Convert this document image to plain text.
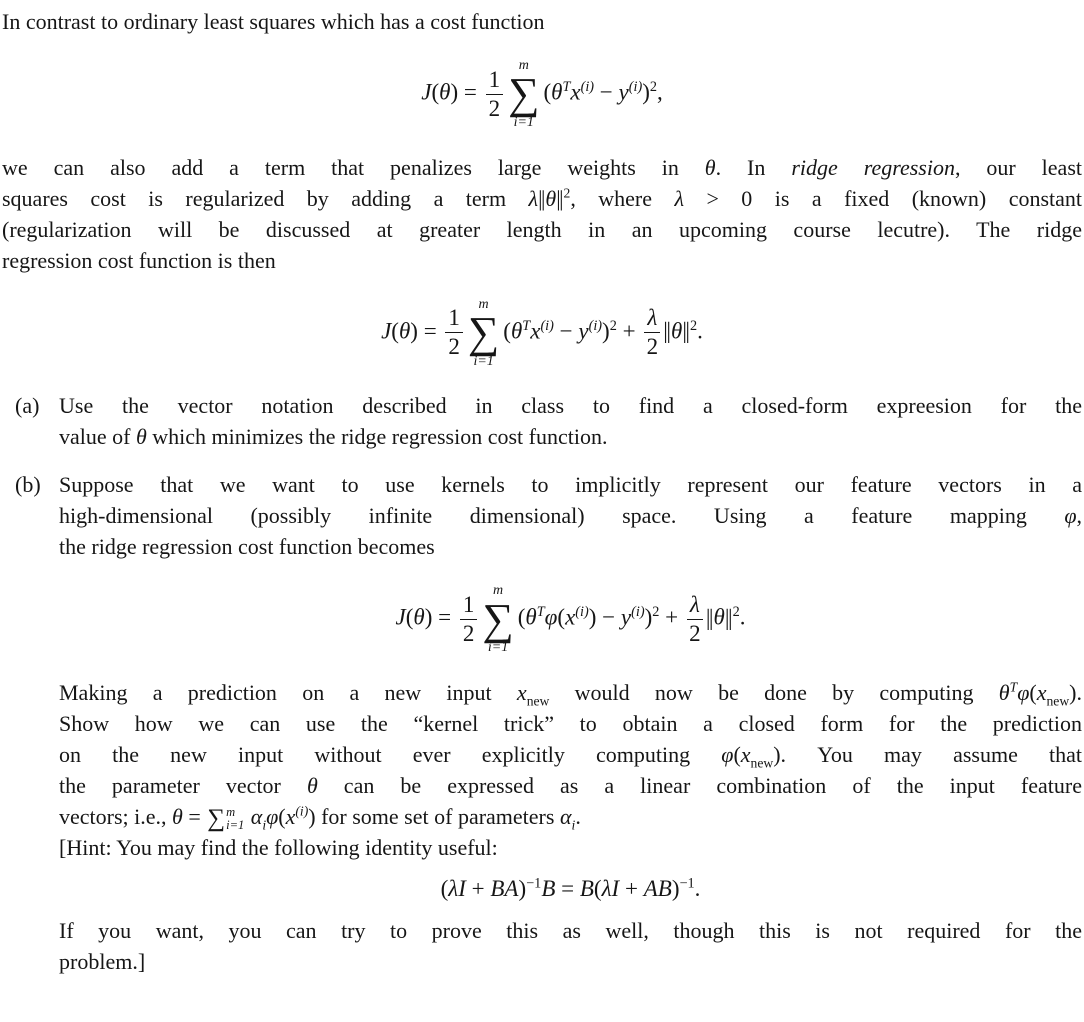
In contrast to ordinary least squares which has a cost function
$J(\theta) = \frac{1}{2}$
m
∑
i=1
$(\theta^Tx^{(i)} - y^{(i)})^2$,
we can also add a term that penalizes large weights in θ. In ridge regression, our least
squares cost is regularized by adding a term λ||θ|| $^2$, where λ > 0 is a fixed (known) constant
(regularization will be discussed at greater length in an upcoming course lecutre). The ridge
regression cost function is then
$J(\theta) = \frac{1}{2}$
m
∑
i=1
$(\theta^Tx^{(i)} - y^{(i)})^2 + \frac{\lambda}{2} ||\theta||$ $^2$.
(a) Use the vector notation described in class to find a closed-form expreesion for the
value of θ which minimizes the ridge regression cost function.
(b) Suppose that we want to use kernels to implicitly represent our feature vectors in a
high-dimensional (possibly infinite dimensional) space. Using a feature mapping φ,
the ridge regression cost function becomes
$J(\theta) = \frac{1}{2}$
m
∑
i=1
$(\theta^T\varphi(x^{(i)}) - y^{(i)})^2 + \frac{\lambda}{2} ||\theta||$ $^2$.
Making a prediction on a new input $x_{new}$ would now be done by computing $\theta^T\varphi(x_{new})$.
Show how we can use the “kernel trick” to obtain a closed form for the prediction
on the new input without ever explicitly computing $\varphi(x_{new})$. You may assume that
the parameter vector θ can be expressed as a linear combination of the input feature
vectors; i.e., θ = ∑ m
i=1 $\alpha_i\varphi(x^{(i)})$ for some set of parameters $\alpha_i$.
[Hint: You may find the following identity useful:
(λI + BA)$^{-1}$B = B(λI + AB)$^{-1}$.
If you want, you can try to prove this as well, though this is not required for the
problem.]
